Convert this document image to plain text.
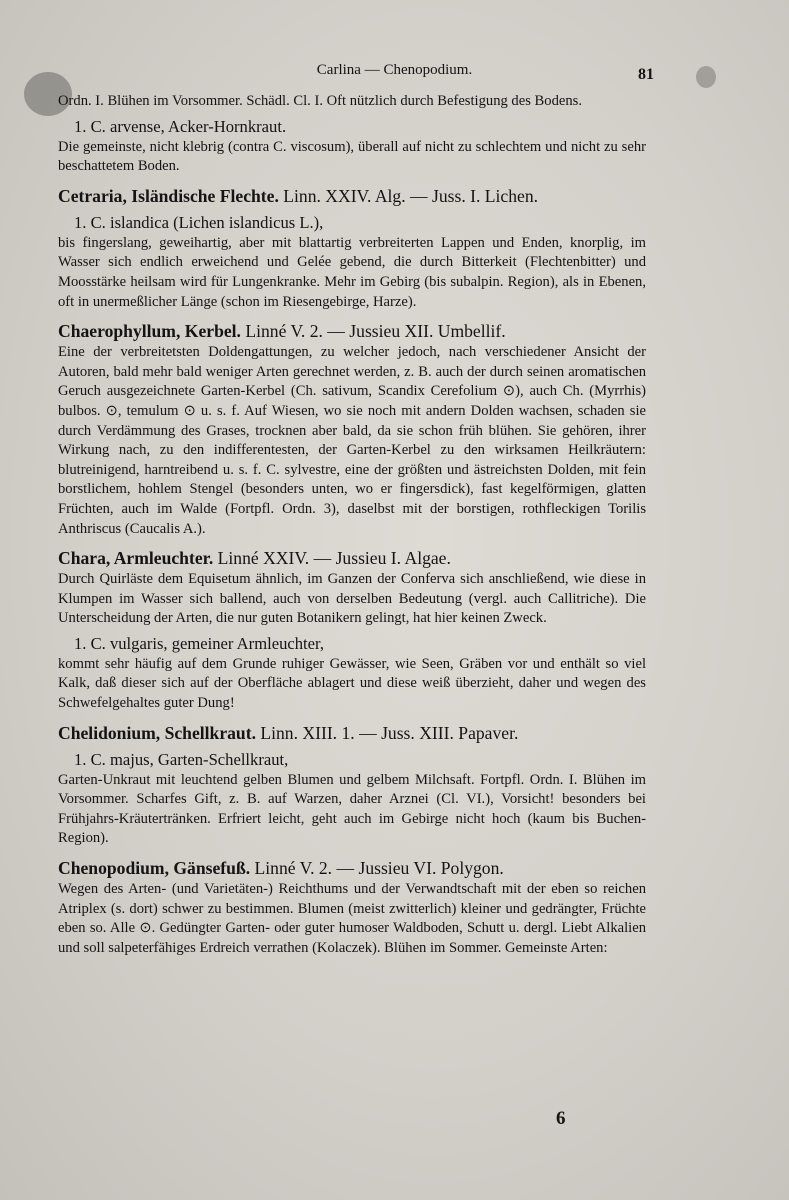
Carlina — Chenopodium.	81

Ordn. I. Blühen im Vorsommer. Schädl. Cl. I. Oft nützlich durch Befestigung des Bodens.

1. C. arvense, Acker-Hornkraut.

Die gemeinste, nicht klebrig (contra C. viscosum), überall auf nicht zu schlechtem und nicht zu sehr beschattetem Boden.

Cetraria, Isländische Flechte. Linn. XXIV. Alg. — Juss. I. Lichen.
1. C. islandica (Lichen islandicus L.),

bis fingerslang, geweihartig, aber mit blattartig verbreiterten Lappen und Enden, knorplig, im Wasser sich endlich erweichend und Gelée gebend, die durch Bitterkeit (Flechtenbitter) und Moosstärke heilsam wird für Lungenkranke. Mehr im Gebirg (bis subalpin. Region), als in Ebenen, oft in unermeßlicher Länge (schon im Riesengebirge, Harze).

Chaerophyllum, Kerbel. Linné V. 2. — Jussieu XII. Umbellif.

Eine der verbreitetsten Doldengattungen, zu welcher jedoch, nach verschiedener Ansicht der Autoren, bald mehr bald weniger Arten gerechnet werden, z. B. auch der durch seinen aromatischen Geruch ausgezeichnete Garten-Kerbel (Ch. sativum, Scandix Cerefolium ⊙), auch Ch. (Myrrhis) bulbos. ⊙, temulum ⊙ u. s. f. Auf Wiesen, wo sie noch mit andern Dolden wachsen, schaden sie durch Verdämmung des Grases, trocknen aber bald, da sie schon früh blühen. Sie gehören, ihrer Wirkung nach, zu den indifferentesten, der Garten-Kerbel zu den wirksamen Heilkräutern: blutreinigend, harntreibend u. s. f. C. sylvestre, eine der größten und ästreichsten Dolden, mit fein borstlichem, hohlem Stengel (besonders unten, wo er fingersdick), fast kegelförmigen, glatten Früchten, auch im Walde (Fortpfl. Ordn. 3), daselbst mit der borstigen, rothfleckigen Torilis Anthriscus (Caucalis A.).

Chara, Armleuchter. Linné XXIV. — Jussieu I. Algae.

Durch Quirläste dem Equisetum ähnlich, im Ganzen der Conferva sich anschließend, wie diese in Klumpen im Wasser sich ballend, auch von derselben Bedeutung (vergl. auch Callitriche). Die Unterscheidung der Arten, die nur guten Botanikern gelingt, hat hier keinen Zweck.

1. C. vulgaris, gemeiner Armleuchter,

kommt sehr häufig auf dem Grunde ruhiger Gewässer, wie Seen, Gräben vor und enthält so viel Kalk, daß dieser sich auf der Oberfläche ablagert und diese weiß überzieht, daher und wegen des Schwefelgehaltes guter Dung!

Chelidonium, Schellkraut. Linn. XIII. 1. — Juss. XIII. Papaver.
1. C. majus, Garten-Schellkraut,

Garten-Unkraut mit leuchtend gelben Blumen und gelbem Milchsaft. Fortpfl. Ordn. I. Blühen im Vorsommer. Scharfes Gift, z. B. auf Warzen, daher Arznei (Cl. VI.), Vorsicht! besonders bei Frühjahrs-Kräutertränken. Erfriert leicht, geht auch im Gebirge nicht hoch (kaum bis Buchen-Region).

Chenopodium, Gänsefuß. Linné V. 2. — Jussieu VI. Polygon.

Wegen des Arten- (und Varietäten-) Reichthums und der Verwandtschaft mit der eben so reichen Atriplex (s. dort) schwer zu bestimmen. Blumen (meist zwitterlich) kleiner und gedrängter, Früchte eben so. Alle ⊙. Gedüngter Garten- oder guter humoser Waldboden, Schutt u. dergl. Liebt Alkalien und soll salpeterfähiges Erdreich verrathen (Kolaczek). Blühen im Sommer. Gemeinste Arten:

6
